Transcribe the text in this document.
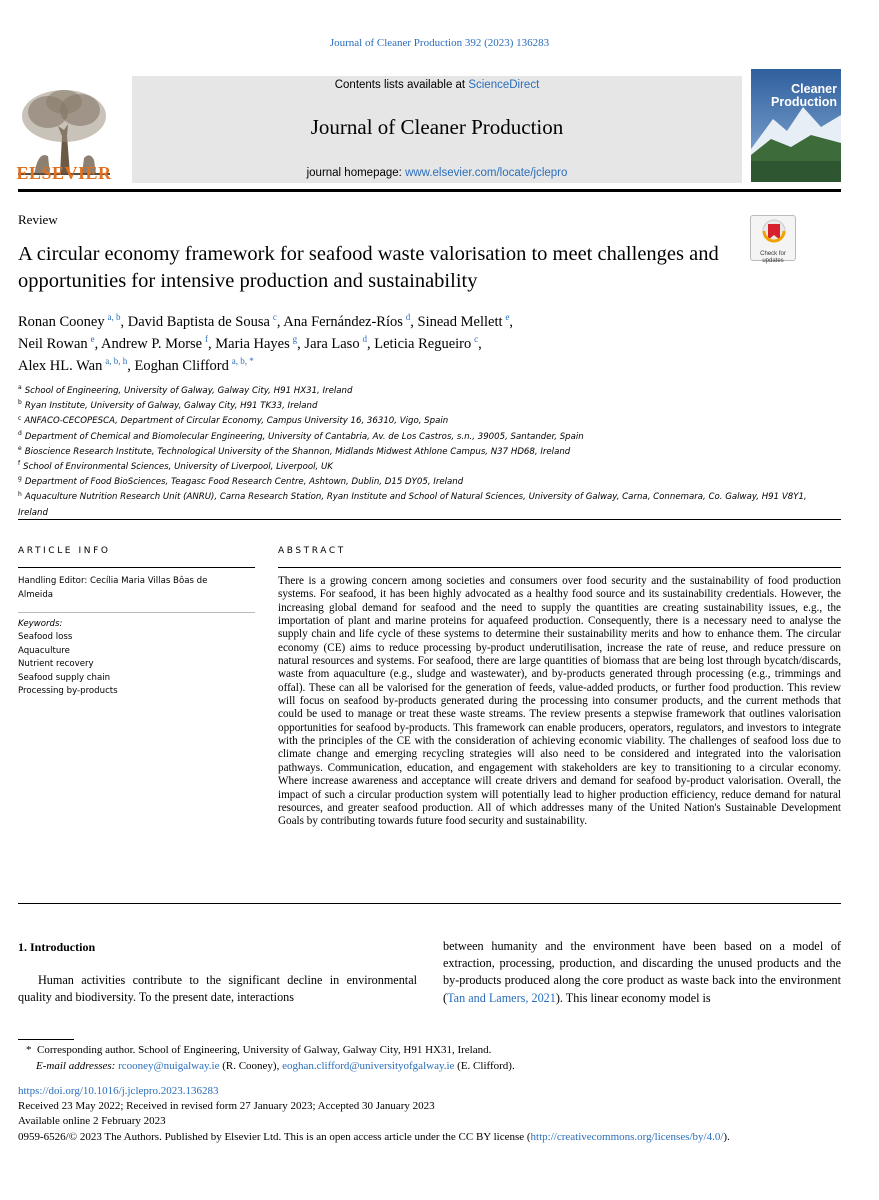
Journal of Cleaner Production 392 (2023) 136283
ELSEVIER
Contents lists available at ScienceDirect
Journal of Cleaner Production
journal homepage: www.elsevier.com/locate/jclepro
Cleaner
Production
Review
Check for
updates
A circular economy framework for seafood waste valorisation to meet challenges and opportunities for intensive production and sustainability
Ronan Cooney  $^{a, b}$, David Baptista de Sousa  $^c$, Ana Fernández-Ríos  $^d$, Sinead Mellett  $^e$,
Neil Rowan  $^e$, Andrew P. Morse  $^f$, Maria Hayes  $^g$, Jara Laso  $^d$, Leticia Regueiro  $^c$,
Alex HL. Wan  $^{a, b, h}$, Eoghan Clifford  $^{a, b, *}$
$^a$ School of Engineering, University of Galway, Galway City, H91 HX31, Ireland
$^b$ Ryan Institute, University of Galway, Galway City, H91 TK33, Ireland
$^c$ ANFACO-CECOPESCA, Department of Circular Economy, Campus University 16, 36310, Vigo, Spain
$^d$ Department of Chemical and Biomolecular Engineering, University of Cantabria, Av. de Los Castros, s.n., 39005, Santander, Spain
$^e$ Bioscience Research Institute, Technological University of the Shannon, Midlands Midwest Athlone Campus, N37 HD68, Ireland
$^f$ School of Environmental Sciences, University of Liverpool, Liverpool, UK
$^g$ Department of Food BioSciences, Teagasc Food Research Centre, Ashtown, Dublin, D15 DY05, Ireland
$^h$ Aquaculture Nutrition Research Unit (ANRU), Carna Research Station, Ryan Institute and School of Natural Sciences, University of Galway, Carna, Connemara, Co. Galway, H91 V8Y1, Ireland
ARTICLE INFO
Handling Editor: Cecília Maria Villas Bôas de Almeida
Keywords:
Seafood loss
Aquaculture
Nutrient recovery
Seafood supply chain
Processing by-products
ABSTRACT
There is a growing concern among societies and consumers over food security and the sustainability of food production systems. For seafood, it has been highly advocated as a healthy food source and its sustainability credentials. However, the increasing global demand for seafood and the need to supply the quantities are creating sustainability issues, e.g., the importation of plant and marine proteins for aquafeed production. Consequently, there is a necessary need to analyse the supply chain and life cycle of these systems to determine their sustainability merits and how to enhance them. The circular economy (CE) aims to reduce processing by-product underutilisation, increase the rate of reuse, and reduce pressure on natural resources and systems. For seafood, there are large quantities of biomass that are being lost through bycatch/discards, waste from aquaculture (e.g., sludge and wastewater), and by-products generated through processing (e.g., trimmings and offal). These can all be valorised for the generation of feeds, value-added products, or further food production. This review will focus on seafood by-products generated during the processing into consumer products, and the current methods that could be used to manage or treat these waste streams. The review presents a stepwise framework that outlines valorisation opportunities for seafood by-products. This framework can enable producers, operators, regulators, and investors to integrate with the principles of the CE with the consideration of achieving economic viability. The challenges of seafood loss due to climate change and emerging recycling strategies will also need to be considered and integrated into the valorisation pathways. Communication, education, and engagement with stakeholders are key to transitioning to a circular economy. Where increase awareness and acceptance will create drivers and demand for seafood by-product valorisation. Overall, the impact of such a circular production system will potentially lead to higher production efficiency, reduce demand for natural resources, and greater seafood production. All of which addresses many of the United Nation's Sustainable Development Goals by contributing towards future food security and sustainability.
1. Introduction
Human activities contribute to the significant decline in environmental quality and biodiversity. To the present date, interactions
between humanity and the environment have been based on a model of extraction, processing, production, and discarding the unused products and the by-products produced along the core product as waste back into the environment (Tan and Lamers, 2021). This linear economy model is
* Corresponding author. School of Engineering, University of Galway, Galway City, H91 HX31, Ireland.
E-mail addresses: rcooney@nuigalway.ie (R. Cooney), eoghan.clifford@universityofgalway.ie (E. Clifford).
https://doi.org/10.1016/j.jclepro.2023.136283
Received 23 May 2022; Received in revised form 27 January 2023; Accepted 30 January 2023
Available online 2 February 2023
0959-6526/© 2023 The Authors. Published by Elsevier Ltd. This is an open access article under the CC BY license (http://creativecommons.org/licenses/by/4.0/).
